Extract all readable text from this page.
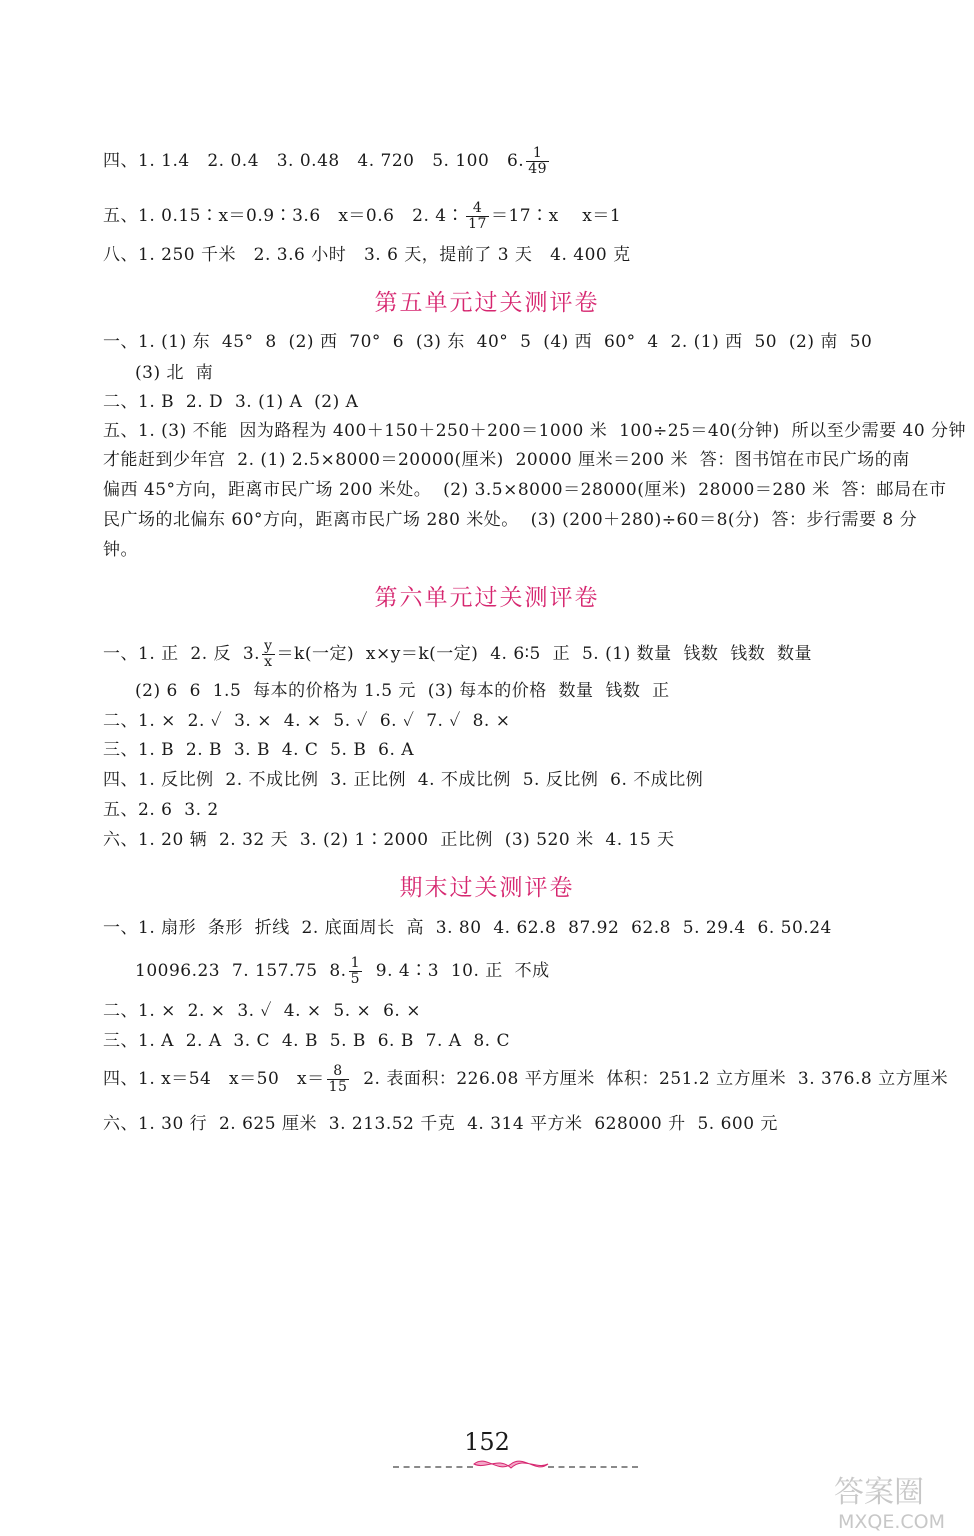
四、1. 1.4   2. 0.4   3. 0.48   4. 720   5. 100   6. $\frac{1}{49}$
五、1. 0.15∶x＝0.9∶3.6   x＝0.6   2. 4∶ $\frac{4}{17}$ ＝17∶x    x＝1
八、1. 250 千米   2. 3.6 小时   3. 6 天，提前了 3 天   4. 400 克
第五单元过关测评卷
一、1. (1) 东  45°  8  (2) 西  70°  6  (3) 东  40°  5  (4) 西  60°  4  2. (1) 西  50  (2) 南  50
(3) 北  南
二、1. B  2. D  3. (1) A  (2) A
五、1. (3) 不能  因为路程为 400＋150＋250＋200＝1000 米  100÷25＝40(分钟)  所以至少需要 40 分钟
才能赶到少年宫  2. (1) 2.5×8000＝20000(厘米)  20000 厘米＝200 米  答：图书馆在市民广场的南
偏西 45°方向，距离市民广场 200 米处。  (2) 3.5×8000＝28000(厘米)  28000＝280 米  答：邮局在市
民广场的北偏东 60°方向，距离市民广场 280 米处。  (3) (200＋280)÷60＝8(分)  答：步行需要 8 分
钟。
第六单元过关测评卷
一、1. 正  2. 反  3. $\frac{y}{x} =k$(一定)  x×y＝k(一定)  4. 6∶5  正  5. (1) 数量  钱数  钱数  数量
(2) 6  6  1.5  每本的价格为 1.5 元  (3) 每本的价格  数量  钱数  正
二、1. ×  2. ✓  3. ×  4. ×  5. ✓  6. ✓  7. ✓  8. ×
三、1. B  2. B  3. B  4. C  5. B  6. A
四、1. 反比例  2. 不成比例  3. 正比例  4. 不成比例  5. 反比例  6. 不成比例
五、2. 6  3. 2
六、1. 20 辆  2. 32 天  3. (2) 1∶2000  正比例  (3) 520 米  4. 15 天
期末过关测评卷
一、1. 扇形  条形  折线  2. 底面周长  高  3. 80  4. 62.8  87.92  62.8  5. 29.4  6. 50.24
10096.23  7. 157.75  8. $\frac{1}{5} 9$. 4∶3  10. 正  不成
二、1. ×  2. ×  3. ✓  4. ×  5. ×  6. ×
三、1. A  2. A  3. C  4. B  5. B  6. B  7. A  8. C
四、1. x＝54   x＝50   $x= \frac{8}{15} 2$. 表面积：226.08 平方厘米  体积：251.2 立方厘米  3. 376.8 立方厘米
六、1. 30 行  2. 625 厘米  3. 213.52 千克  4. 314 平方米  628000 升  5. 600 元
152
答案圈
MXQE.COM
